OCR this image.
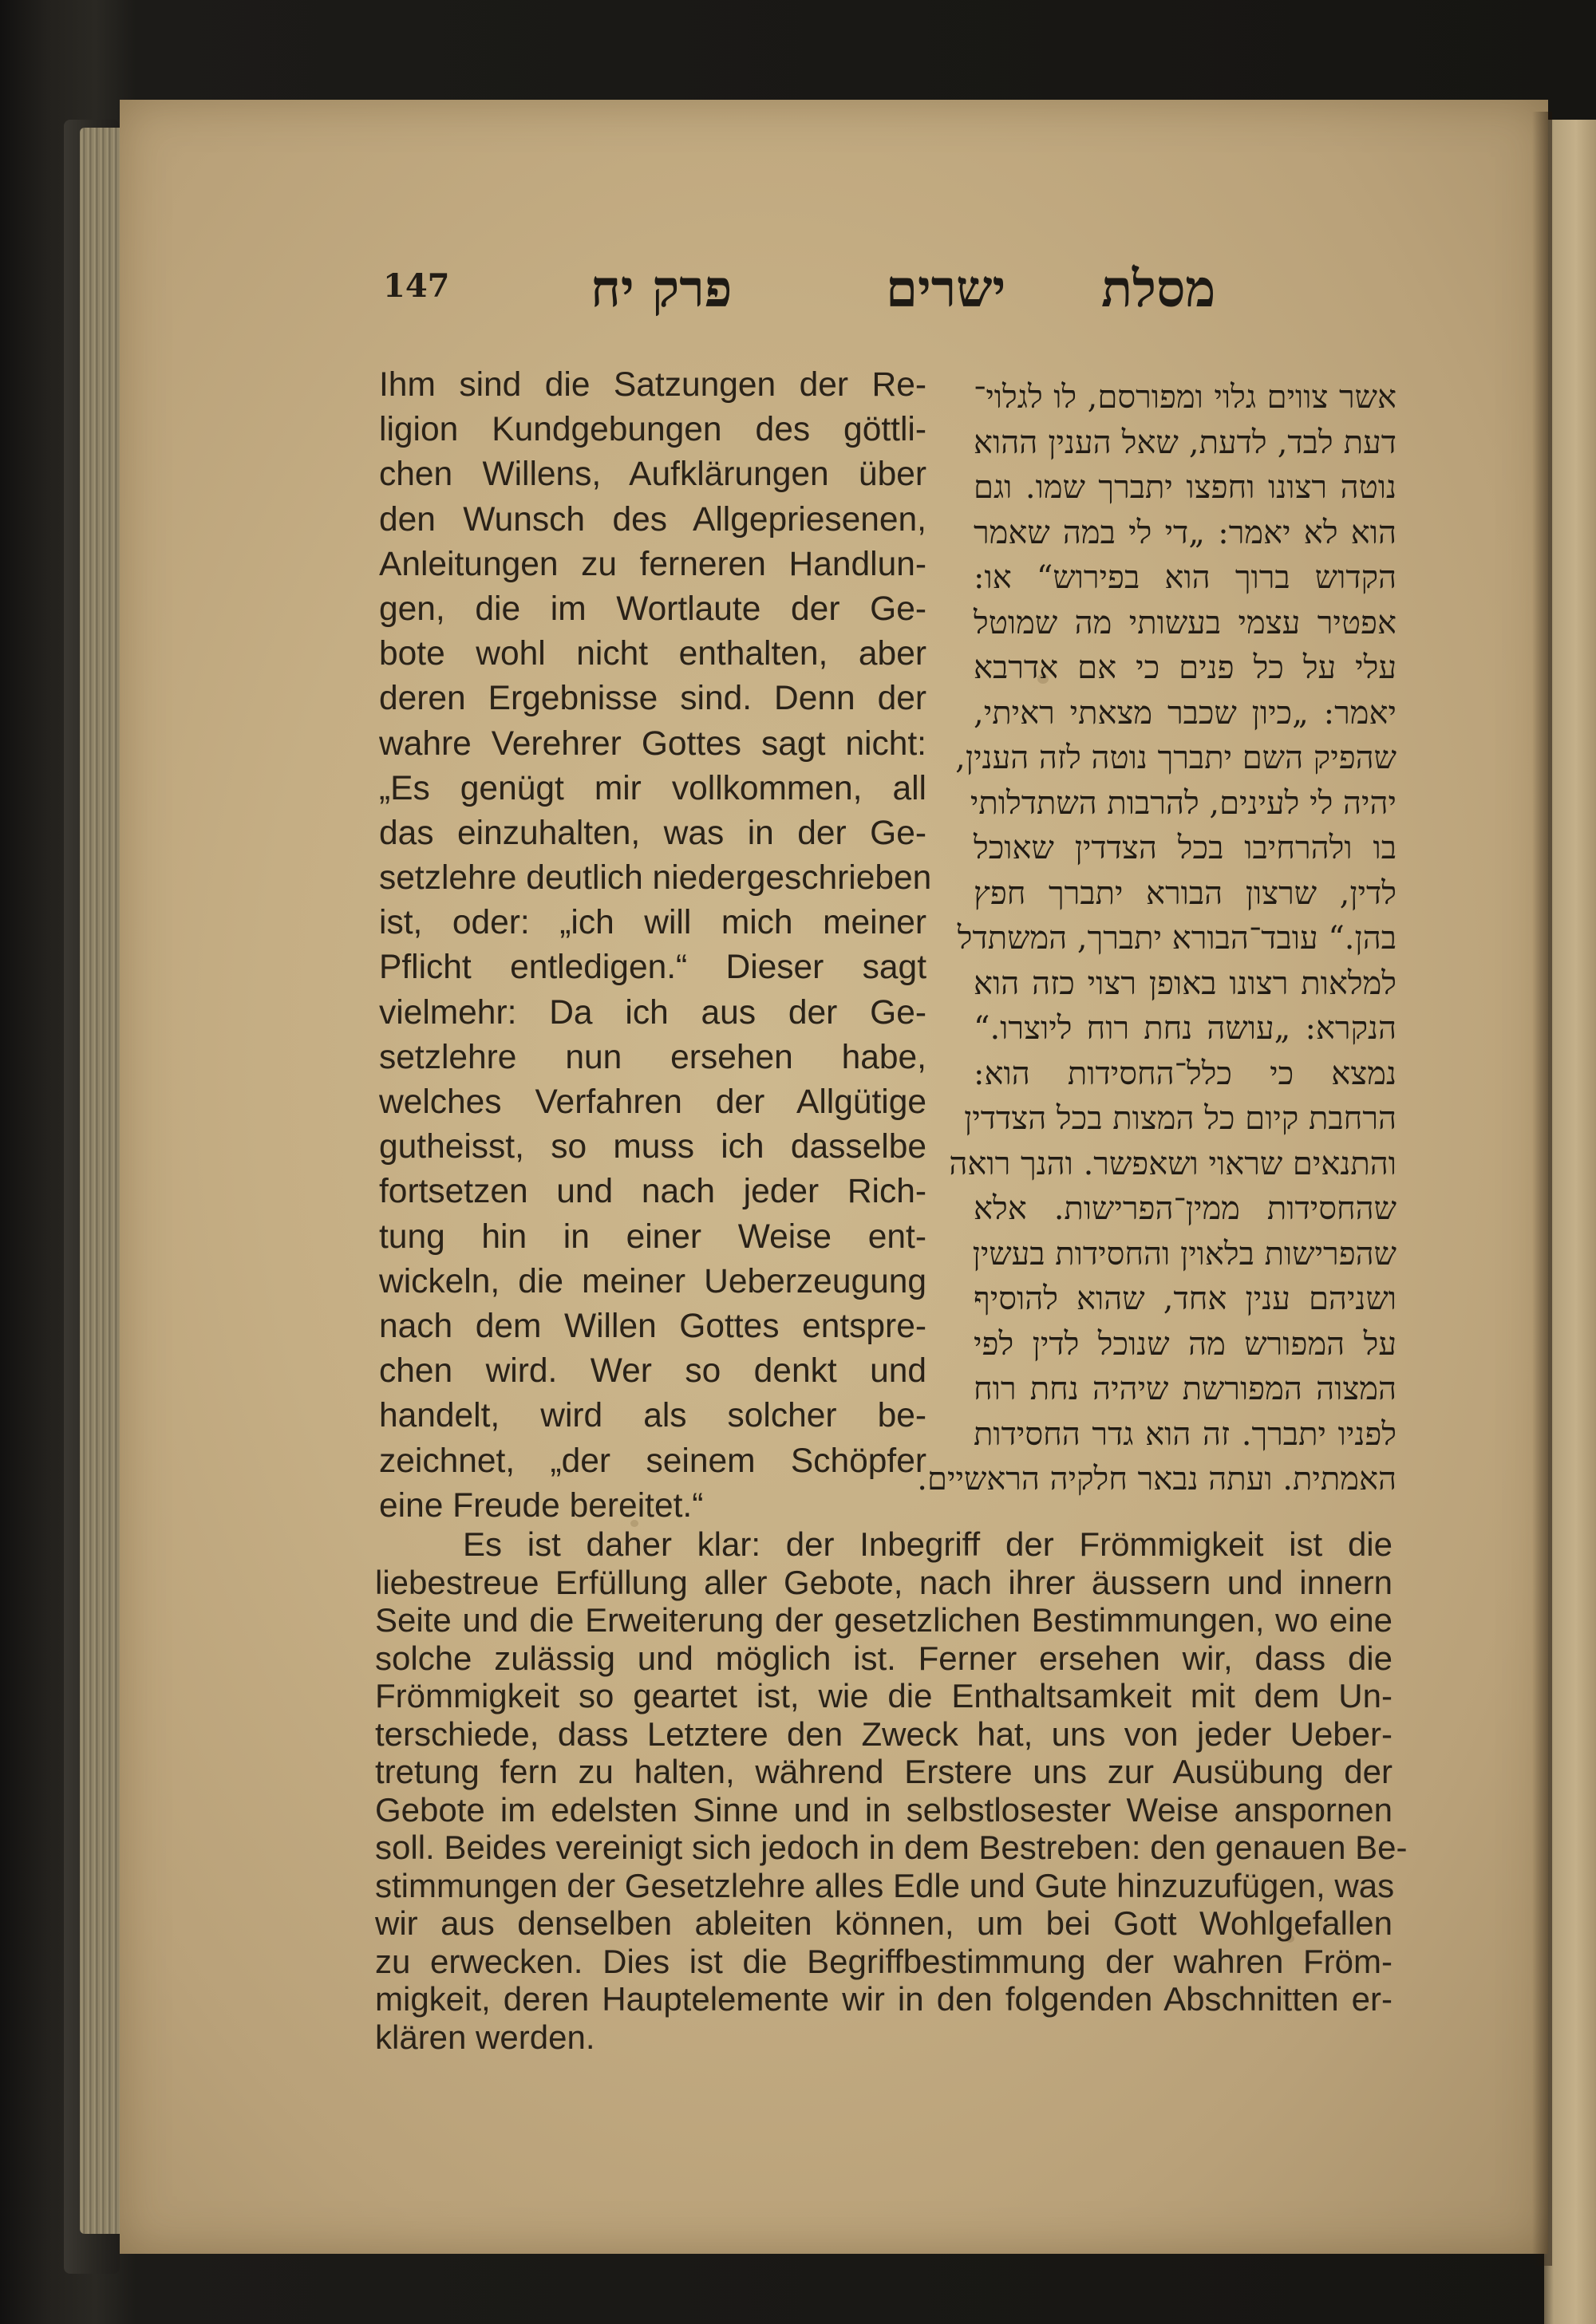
147	פרק יח	ישרים מסלת
Ihm sind die Satzungen der Re-
ligion Kundgebungen des göttli-
chen Willens, Aufklärungen über
den Wunsch des Allgepriesenen,
Anleitungen zu ferneren Handlun-
gen, die im Wortlaute der Ge-
bote wohl nicht enthalten, aber
deren Ergebnisse sind. Denn der
wahre Verehrer Gottes sagt nicht:
„Es genügt mir vollkommen, all
das einzuhalten, was in der Ge-
setzlehre deutlich niedergeschrieben
ist, oder: „ich will mich meiner
Pflicht entledigen.“ Dieser sagt
vielmehr: Da ich aus der Ge-
setzlehre nun ersehen habe,
welches Verfahren der Allgütige
gutheisst, so muss ich dasselbe
fortsetzen und nach jeder Rich-
tung hin in einer Weise ent-
wickeln, die meiner Ueberzeugung
nach dem Willen Gottes entspre-
chen wird. Wer so denkt und
handelt, wird als solcher be-
zeichnet, „der seinem Schöpfer
eine Freude bereitet.“
אשר צווים גלוי ומפורסם, לו לגלוי־
דעת לבד, לדעת, שאל הענין ההוא
נוטה רצונו וחפצו יתברך שמו. וגם
הוא לא יאמר: „די לי במה שאמר
הקדוש ברוך הוא בפירוש“ או:
אפטיר עצמי בעשותי מה שמוטל
עלי על כל פנים כי אם אדרבא
יאמר: „כיון שכבר מצאתי ראיתי,
שהפיק השם יתברך נוטה לזה הענין,
יהיה לי לעינים, להרבות השתדלותי
בו ולהרחיבו בכל הצדדין שאוכל
לדין, שרצון הבורא יתברך חפץ
בהן.“ עובד־הבורא יתברך, המשתדל
למלאות רצונו באופן רצוי כזה הוא
הנקרא: „עושה נחת רוח ליוצרו.“
נמצא כי כלל־החסידות הוא:
הרחבת קיום כל המצות בכל הצדדין
והתנאים שראוי ושאפשר. והנך רואה
שהחסידות ממין־הפרישות. אלא
שהפרישות בלאוין והחסידות בעשין
ושניהם ענין אחד, שהוא להוסיף
על המפורש מה שנוכל לדין לפי
המצוה המפורשת שיהיה נחת רוח
לפניו יתברך. זה הוא גדר החסידות
האמתית. ועתה נבאר חלקיה הראשיים.
Es ist daher klar: der Inbegriff der Frömmigkeit ist die
liebestreue Erfüllung aller Gebote, nach ihrer äussern und innern
Seite und die Erweiterung der gesetzlichen Bestimmungen, wo eine
solche zulässig und möglich ist. Ferner ersehen wir, dass die
Frömmigkeit so geartet ist, wie die Enthaltsamkeit mit dem Un-
terschiede, dass Letztere den Zweck hat, uns von jeder Ueber-
tretung fern zu halten, während Erstere uns zur Ausübung der
Gebote im edelsten Sinne und in selbstlosester Weise anspornen
soll. Beides vereinigt sich jedoch in dem Bestreben: den genauen Be-
stimmungen der Gesetzlehre alles Edle und Gute hinzuzufügen, was
wir aus denselben ableiten können, um bei Gott Wohlgefallen
zu erwecken. Dies ist die Begriffbestimmung der wahren Fröm-
migkeit, deren Hauptelemente wir in den folgenden Abschnitten er-
klären werden.
